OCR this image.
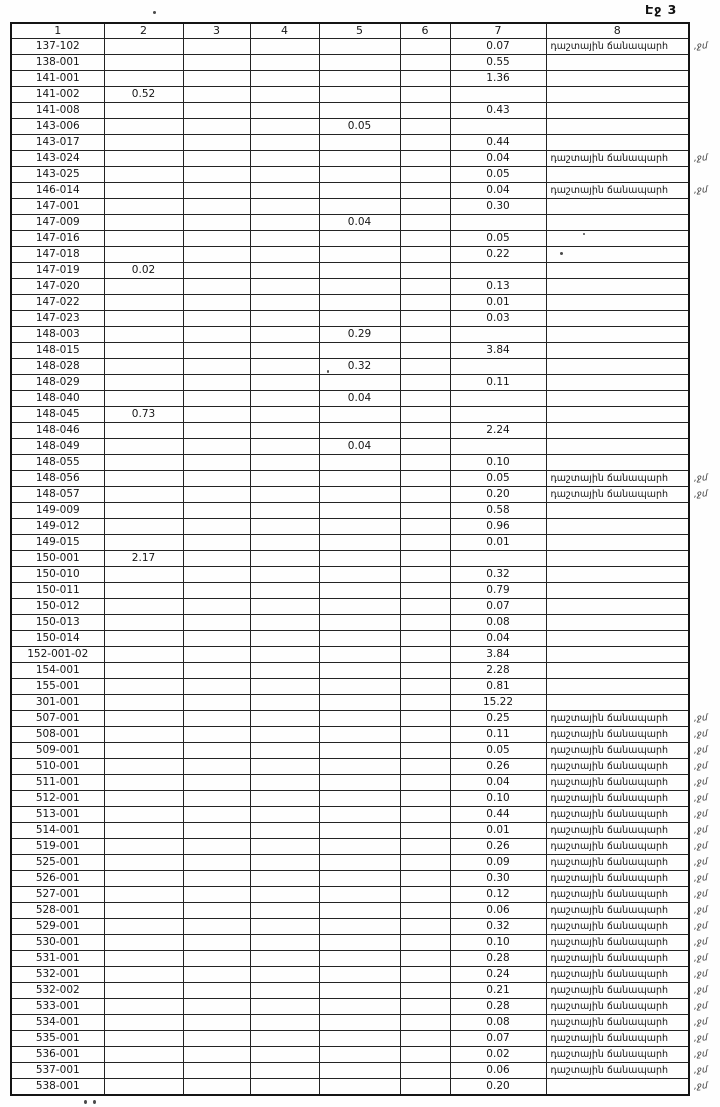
Էջ 3
1	2	3	4	5	6	7	8
137-102						0.07	դաշտային ճանապարհ ,ջմ

138-001						0.55	
141-001						1.36	
141-002	0.52						
141-008						0.43	
143-006				0.05			
143-017						0.44	
143-024						0.04	դաշտային ճանապարհ ,ջմ

143-025						0.05	
146-014						0.04	դաշտային ճանապարհ ,ջմ

147-001						0.30	
147-009				0.04			
147-016						0.05	
147-018						0.22	
147-019	0.02						
147-020						0.13	
147-022						0.01	
147-023						0.03	
148-003				0.29			
148-015						3.84	
148-028				0.32			
148-029						0.11	
148-040				0.04			
148-045	0.73						
148-046						2.24	
148-049				0.04			
148-055						0.10	
148-056						0.05	դաշտային ճանապարհ ,ջմ

148-057						0.20	դաշտային ճանապարհ ,ջմ

149-009						0.58	
149-012						0.96	
149-015						0.01	
150-001	2.17						
150-010						0.32	
150-011						0.79	
150-012						0.07	
150-013						0.08	
150-014						0.04	
152-001-02						3.84	
154-001						2.28	
155-001						0.81	
301-001						15.22	
507-001						0.25	դաշտային ճանապարհ ,ջմ

508-001						0.11	դաշտային ճանապարհ ,ջմ

509-001						0.05	դաշտային ճանապարհ ,ջմ

510-001						0.26	դաշտային ճանապարհ ,ջմ

511-001						0.04	դաշտային ճանապարհ ,ջմ

512-001						0.10	դաշտային ճանապարհ ,ջմ

513-001						0.44	դաշտային ճանապարհ ,ջմ

514-001						0.01	դաշտային ճանապարհ ,ջմ

519-001						0.26	դաշտային ճանապարհ ,ջմ

525-001						0.09	դաշտային ճանապարհ ,ջմ

526-001						0.30	դաշտային ճանապարհ ,ջմ

527-001						0.12	դաշտային ճանապարհ ,ջմ

528-001						0.06	դաշտային ճանապարհ ,ջմ

529-001						0.32	դաշտային ճանապարհ ,ջմ

530-001						0.10	դաշտային ճանապարհ ,ջմ

531-001						0.28	դաշտային ճանապարհ ,ջմ

532-001						0.24	դաշտային ճանապարհ ,ջմ

532-002						0.21	դաշտային ճանապարհ ,ջմ

533-001						0.28	դաշտային ճանապարհ ,ջմ

534-001						0.08	դաշտային ճանապարհ ,ջմ

535-001						0.07	դաշտային ճանապարհ ,ջմ

536-001						0.02	դաշտային ճանապարհ ,ջմ

537-001						0.06	դաշտային ճանապարհ ,ջմ

538-001						0.20	,ջմ
